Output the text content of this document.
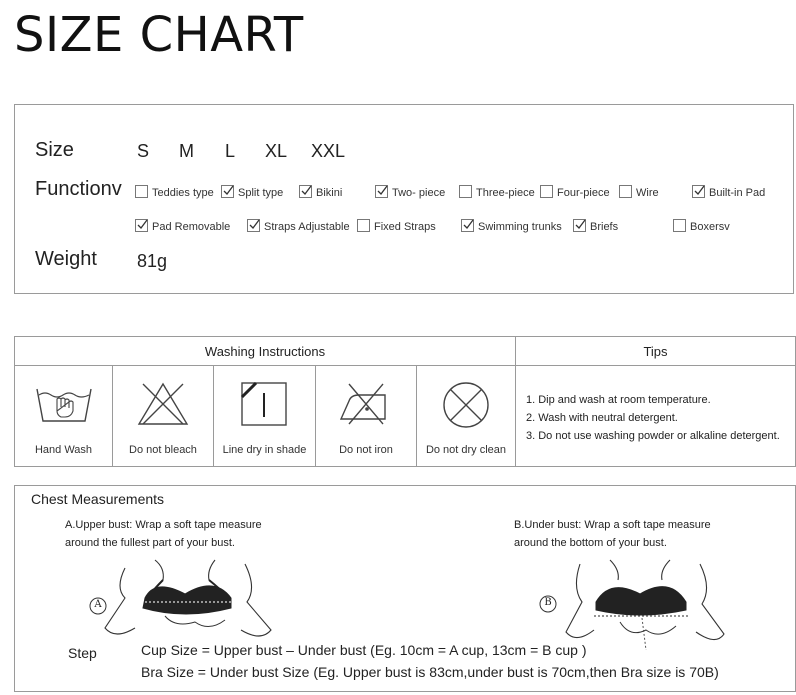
SIZE CHART
Size	S M L XL XXL
Functionv	Teddies type	Split type	Bikini	Two- piece	Three-piece	Four-piece	Wire	Built-in Pad
Pad Removable	Straps Adjustable	Fixed Straps	Swimming trunks	Briefs	Boxersv
Weight 81g
Washing Instructions	Tips
Hand Wash	Do not bleach	Line dry in shade	Do not iron	Do not dry clean
1. Dip and wash at room temperature.
2. Wash with neutral detergent.
3. Do not use washing powder or alkaline detergent.
Chest Measurements
A.Upper bust: Wrap a soft tape measure
around the fullest part of your bust.
B.Under bust: Wrap a soft tape measure
around the bottom of your bust.
A	B
Step	Cup Size = Upper bust – Under bust (Eg. 10cm = A cup, 13cm = B cup )
Bra Size = Under bust Size (Eg. Upper bust is 83cm,under bust is 70cm,then Bra size is 70B)
